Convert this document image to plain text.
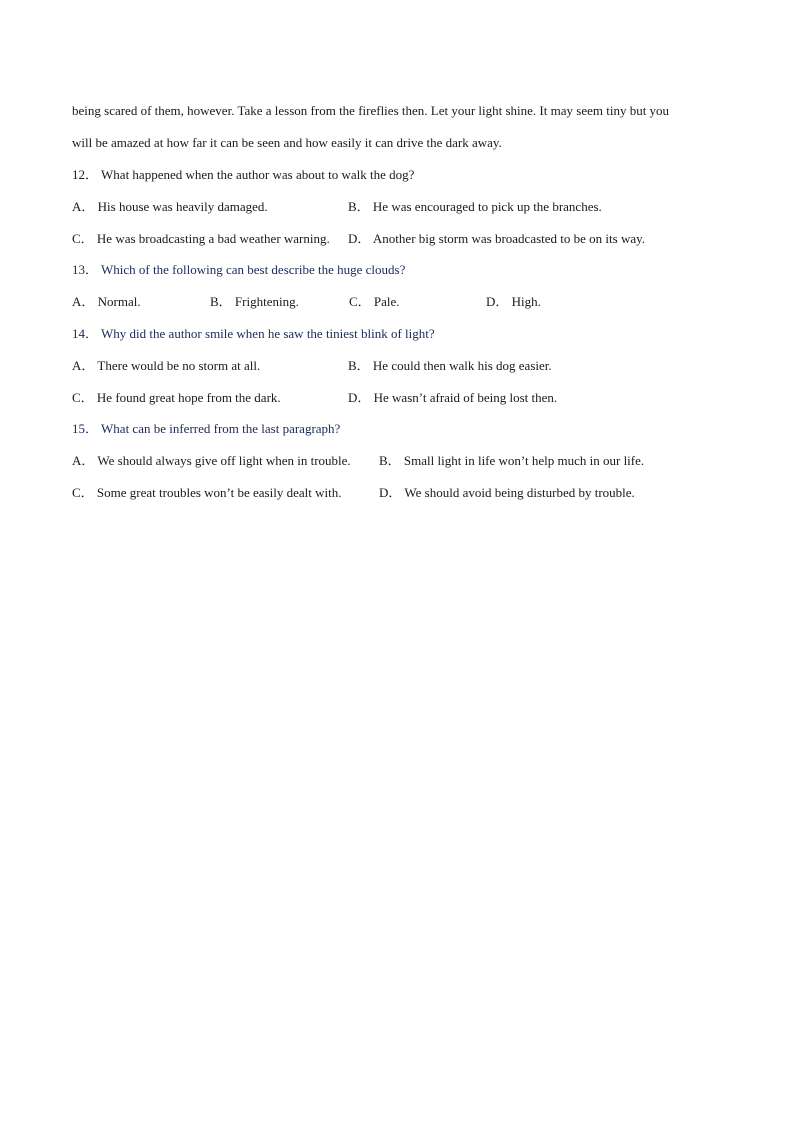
being scared of them, however. Take a lesson from the fireflies then. Let your light shine. It may seem tiny but you
will be amazed at how far it can be seen and how easily it can drive the dark away.
12． What happened when the author was about to walk the dog?
A． His house was heavily damaged.	B． He was encouraged to pick up the branches.
C． He was broadcasting a bad weather warning. D． Another big storm was broadcasted to be on its way.
13． Which of the following can best describe the huge clouds?
A． Normal.	B． Frightening.	C． Pale.	D． High.
14． Why did the author smile when he saw the tiniest blink of light?
A． There would be no storm at all.	B． He could then walk his dog easier.
C． He found great hope from the dark.	D． He wasn’t afraid of being lost then.
15． What can be inferred from the last paragraph?
A． We should always give off light when in trouble. B． Small light in life won’t help much in our life.
C． Some great troubles won’t be easily dealt with.	D． We should avoid being disturbed by trouble.
